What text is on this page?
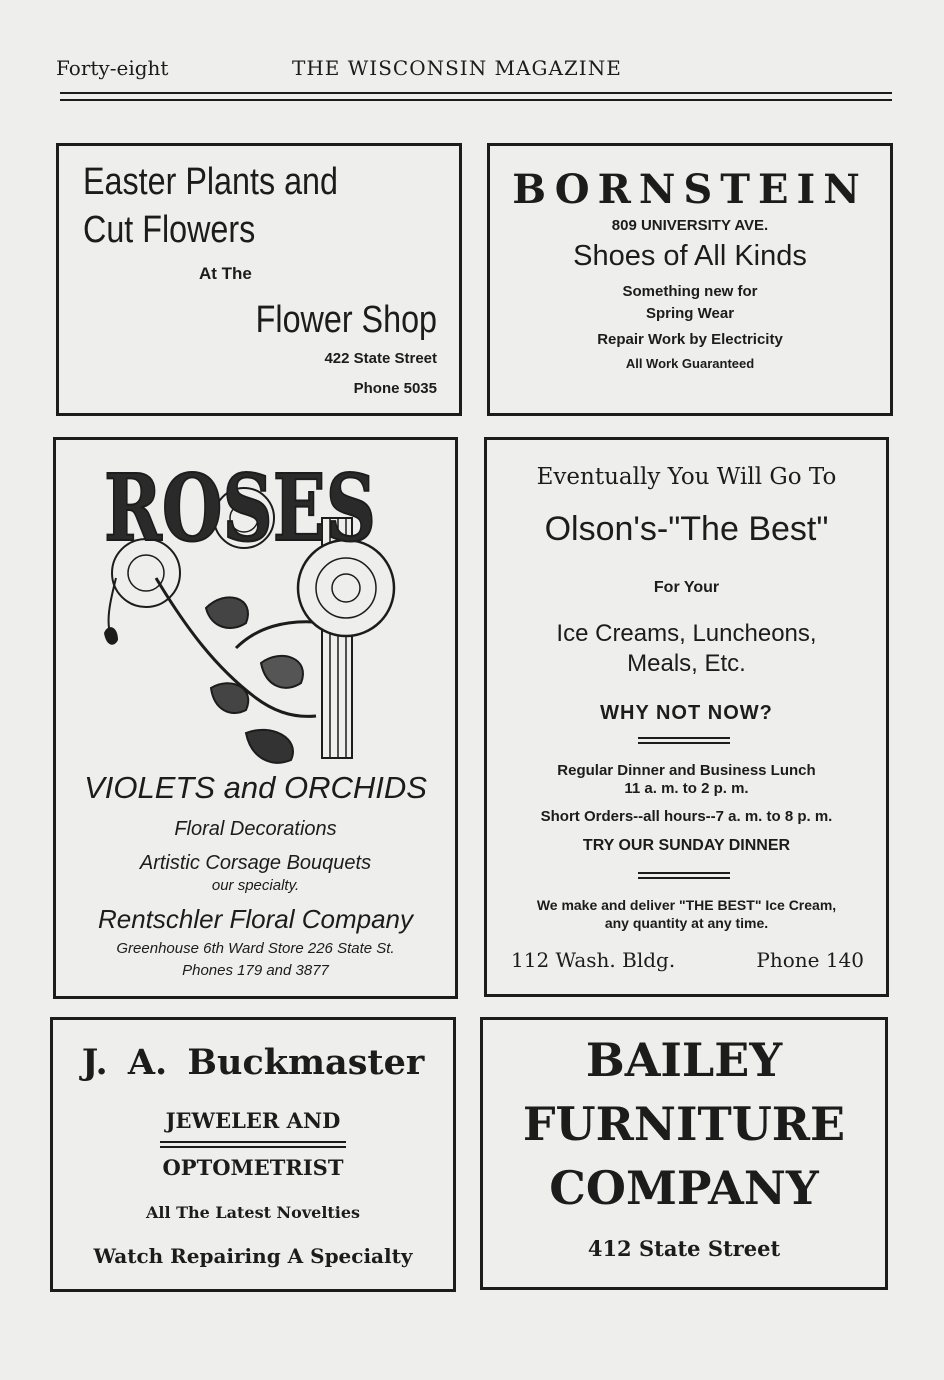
Forty-eight	THE WISCONSIN MAGAZINE
Easter Plants and
Cut Flowers
At The
Flower Shop
422 State Street
Phone 5035
BORNSTEIN
809 UNIVERSITY AVE.
Shoes of All Kinds
Something new for
Spring Wear
Repair Work by Electricity
All Work Guaranteed
ROSES
VIOLETS and ORCHIDS
Floral Decorations
Artistic Corsage Bouquets
our specialty.
Rentschler Floral Company
Greenhouse 6th Ward Store 226 State St.
Phones 179 and 3877
Eventually You Will Go To
Olson's-"The Best"
For Your
Ice Creams, Luncheons,
Meals, Etc.
WHY NOT NOW?
Regular Dinner and Business Lunch
11 a. m. to 2 p. m.
Short Orders--all hours--7 a. m. to 8 p. m.
TRY OUR SUNDAY DINNER
We make and deliver "THE BEST" Ice Cream,
any quantity at any time.
112 Wash. Bldg.	Phone 140
J. A. Buckmaster
JEWELER AND
OPTOMETRIST
All The Latest Novelties
Watch Repairing A Specialty
BAILEY
FURNITURE
COMPANY
412 State Street
